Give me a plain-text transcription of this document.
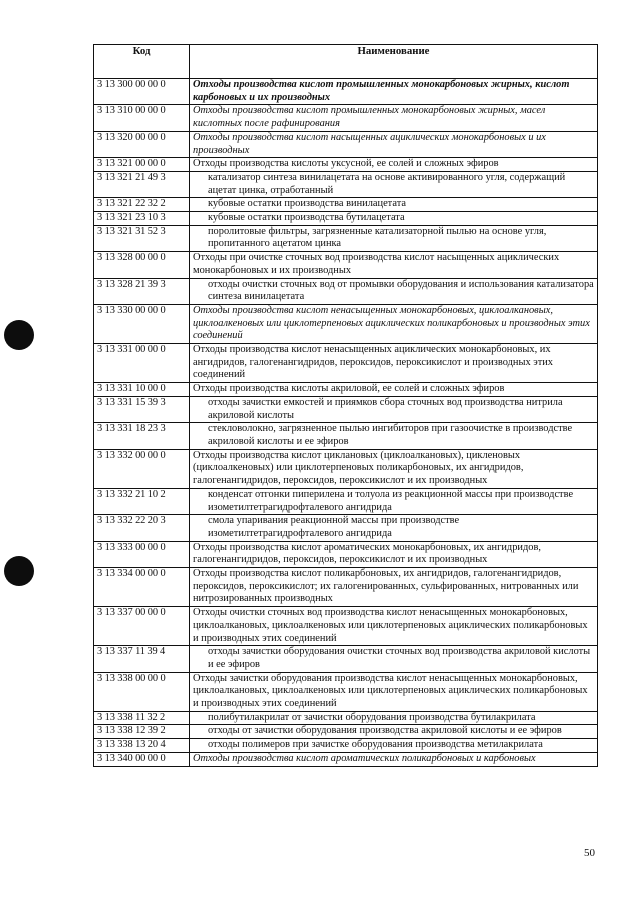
Код	Наименование
3 13 300 00 00 0	Отходы производства кислот промышленных монокарбоновых жирных, кислот карбоновых и их производных
3 13 310 00 00 0	Отходы производства кислот промышленных монокарбоновых жирных, масел кислотных после рафинирования
3 13 320 00 00 0	Отходы производства кислот насыщенных ациклических монокарбоновых и их производных
3 13 321 00 00 0	Отходы производства кислоты уксусной, ее солей и сложных эфиров
3 13 321 21 49 3	катализатор синтеза винилацетата на основе активированного угля, содержащий ацетат цинка, отработанный
3 13 321 22 32 2	кубовые остатки производства винилацетата
3 13 321 23 10 3	кубовые остатки производства бутилацетата
3 13 321 31 52 3	поролитовые фильтры, загрязненные катализаторной пылью на основе угля, пропитанного ацетатом цинка
3 13 328 00 00 0	Отходы при очистке сточных вод производства кислот насыщенных ациклических монокарбоновых и их производных
3 13 328 21 39 3	отходы очистки сточных вод от промывки оборудования и использования катализатора синтеза винилацетата
3 13 330 00 00 0	Отходы производства кислот ненасыщенных монокарбоновых, циклоалкановых, циклоалкеновых или циклотерпеновых ациклических поликарбоновых и производных этих соединений
3 13 331 00 00 0	Отходы производства кислот ненасыщенных ациклических монокарбоновых, их ангидридов, галогенангидридов, пероксидов, пероксикислот и производных этих соединений
3 13 331 10 00 0	Отходы производства кислоты акриловой, ее солей и сложных эфиров
3 13 331 15 39 3	отходы зачистки емкостей и приямков сбора сточных вод производства нитрила акриловой кислоты
3 13 331 18 23 3	стекловолокно, загрязненное пылью ингибиторов при газоочистке в производстве акриловой кислоты и ее эфиров
3 13 332 00 00 0	Отходы производства кислот циклановых (циклоалкановых), цикленовых (циклоалкеновых) или циклотерпеновых поликарбоновых, их ангидридов, галогенангидридов, пероксидов, пероксикислот и их производных
3 13 332 21 10 2	конденсат отгонки пиперилена и толуола из реакционной массы при производстве изометилтетрагидрофталевого ангидрида
3 13 332 22 20 3	смола упаривания реакционной массы при производстве изометилтетрагидрофталевого ангидрида
3 13 333 00 00 0	Отходы производства кислот ароматических монокарбоновых, их ангидридов, галогенангидридов, пероксидов, пероксикислот и их производных
3 13 334 00 00 0	Отходы производства кислот поликарбоновых, их ангидридов, галогенангидридов, пероксидов, пероксикислот; их галогенированных, сульфированных, нитрованных или нитрозированных производных
3 13 337 00 00 0	Отходы очистки сточных вод производства кислот ненасыщенных монокарбоновых, циклоалкановых, циклоалкеновых или циклотерпеновых ациклических поликарбоновых и производных этих соединений
3 13 337 11 39 4	отходы зачистки оборудования очистки сточных вод производства акриловой кислоты и ее эфиров
3 13 338 00 00 0	Отходы зачистки оборудования производства кислот ненасыщенных монокарбоновых, циклоалкановых, циклоалкеновых или циклотерпеновых ациклических поликарбоновых и производных этих соединений
3 13 338 11 32 2	полибутилакрилат от зачистки оборудования производства бутилакрилата
3 13 338 12 39 2	отходы от зачистки оборудования производства акриловой кислоты и ее эфиров
3 13 338 13 20 4	отходы полимеров при зачистке оборудования производства метилакрилата
3 13 340 00 00 0	Отходы производства кислот ароматических поликарбоновых и карбоновых
50
